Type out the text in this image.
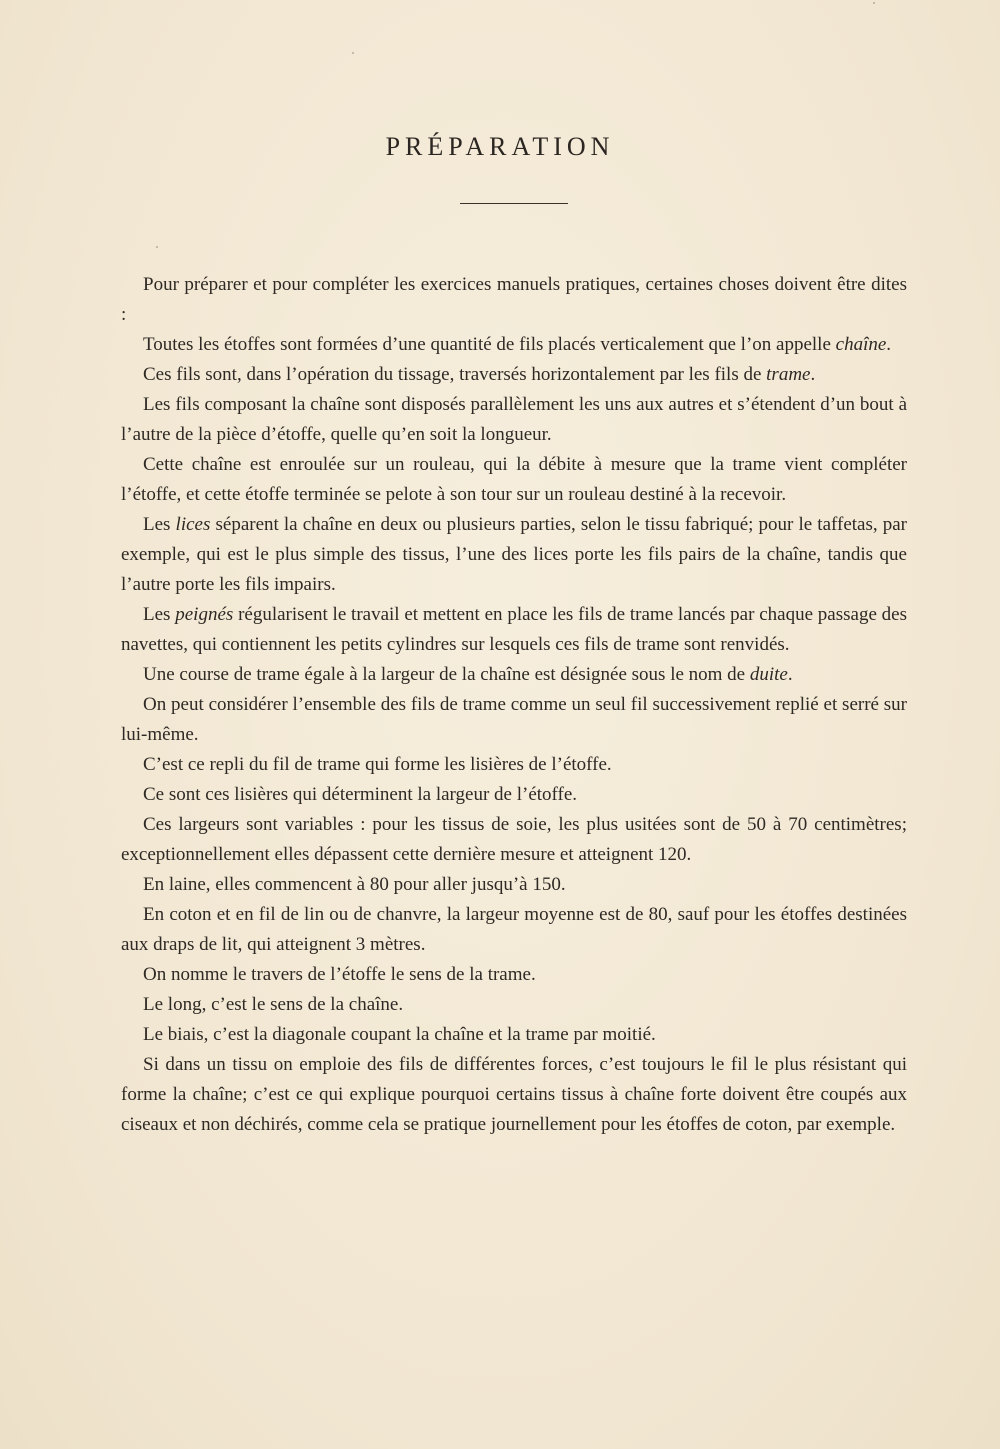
PRÉPARATION

Pour préparer et pour compléter les exercices manuels pratiques, certaines choses doivent être dites :

Toutes les étoffes sont formées d’une quantité de fils placés verticalement que l’on appelle chaîne.

Ces fils sont, dans l’opération du tissage, traversés horizontalement par les fils de trame.

Les fils composant la chaîne sont disposés parallèlement les uns aux autres et s’étendent d’un bout à l’autre de la pièce d’étoffe, quelle qu’en soit la longueur.

Cette chaîne est enroulée sur un rouleau, qui la débite à mesure que la trame vient compléter l’étoffe, et cette étoffe terminée se pelote à son tour sur un rouleau destiné à la recevoir.

Les lices séparent la chaîne en deux ou plusieurs parties, selon le tissu fabriqué; pour le taffetas, par exemple, qui est le plus simple des tissus, l’une des lices porte les fils pairs de la chaîne, tandis que l’autre porte les fils impairs.

Les peignés régularisent le travail et mettent en place les fils de trame lancés par chaque passage des navettes, qui contiennent les petits cylindres sur lesquels ces fils de trame sont renvidés.

Une course de trame égale à la largeur de la chaîne est désignée sous le nom de duite.

On peut considérer l’ensemble des fils de trame comme un seul fil successivement replié et serré sur lui-même.

C’est ce repli du fil de trame qui forme les lisières de l’étoffe.

Ce sont ces lisières qui déterminent la largeur de l’étoffe.

Ces largeurs sont variables : pour les tissus de soie, les plus usitées sont de 50 à 70 centimètres; exceptionnellement elles dépassent cette dernière mesure et atteignent 120.

En laine, elles commencent à 80 pour aller jusqu’à 150.

En coton et en fil de lin ou de chanvre, la largeur moyenne est de 80, sauf pour les étoffes destinées aux draps de lit, qui atteignent 3 mètres.

On nomme le travers de l’étoffe le sens de la trame.

Le long, c’est le sens de la chaîne.

Le biais, c’est la diagonale coupant la chaîne et la trame par moitié.

Si dans un tissu on emploie des fils de différentes forces, c’est toujours le fil le plus résistant qui forme la chaîne; c’est ce qui explique pourquoi certains tissus à chaîne forte doivent être coupés aux ciseaux et non déchirés, comme cela se pratique journellement pour les étoffes de coton, par exemple.
